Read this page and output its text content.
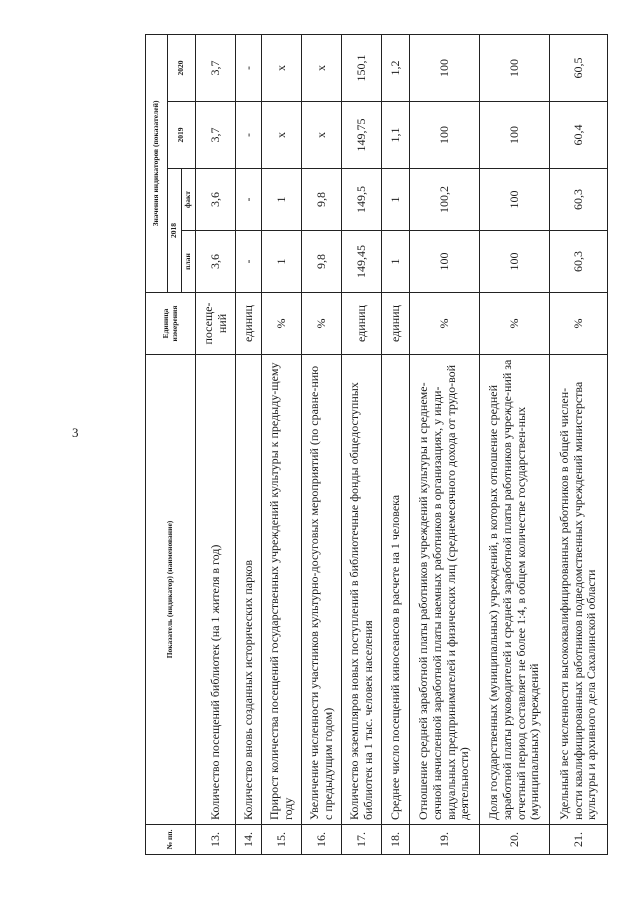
3
№ пп.	Показатель (индикатор) (наименование)	Единица измерения	Значения индикаторов (показателей)			
			2018		2019	2020
			план	факт		
13.	Количество посещений библиотек (на 1 жителя в год)	посеще-ний	3,6	3,6	3,7	3,7
14.	Количество вновь созданных исторических парков	единиц	-	-	-	-
15.	Прирост количества посещений государственных учреждений культуры к предыду-щему году	%	1	1	х	х
16.	Увеличение численности участников культурно-досуговых мероприятий (по сравне-нию с предыдущим годом)	%	9,8	9,8	х	х
17.	Количество экземпляров новых поступлений в библиотечные фонды общедоступных библиотек на 1 тыс. человек населения	единиц	149,45	149,5	149,75	150,1
18.	Среднее число посещений киносеансов в расчете на 1 человека	единиц	1	1	1,1	1,2
19.	Отношение средней заработной платы работников учреждений культуры и среднеме-сячной начисленной заработной платы наемных работников в организациях, у инди-видуальных предпринимателей и физических лиц (среднемесячного дохода от трудо-вой деятельности)	%	100	100,2	100	100
20.	Доля государственных (муниципальных) учреждений, в которых отношение средней заработной платы руководителей и средней заработной платы работников учрежде-ний за отчетный период составляет не более 1:4, в общем количестве государствен-ных (муниципальных) учреждений	%	100	100	100	100
21.	Удельный вес численности высококвалифицированных работников в общей числен-ности квалифицированных работников подведомственных учреждений министерства культуры и архивного дела Сахалинской области	%	60,3	60,3	60,4	60,5
